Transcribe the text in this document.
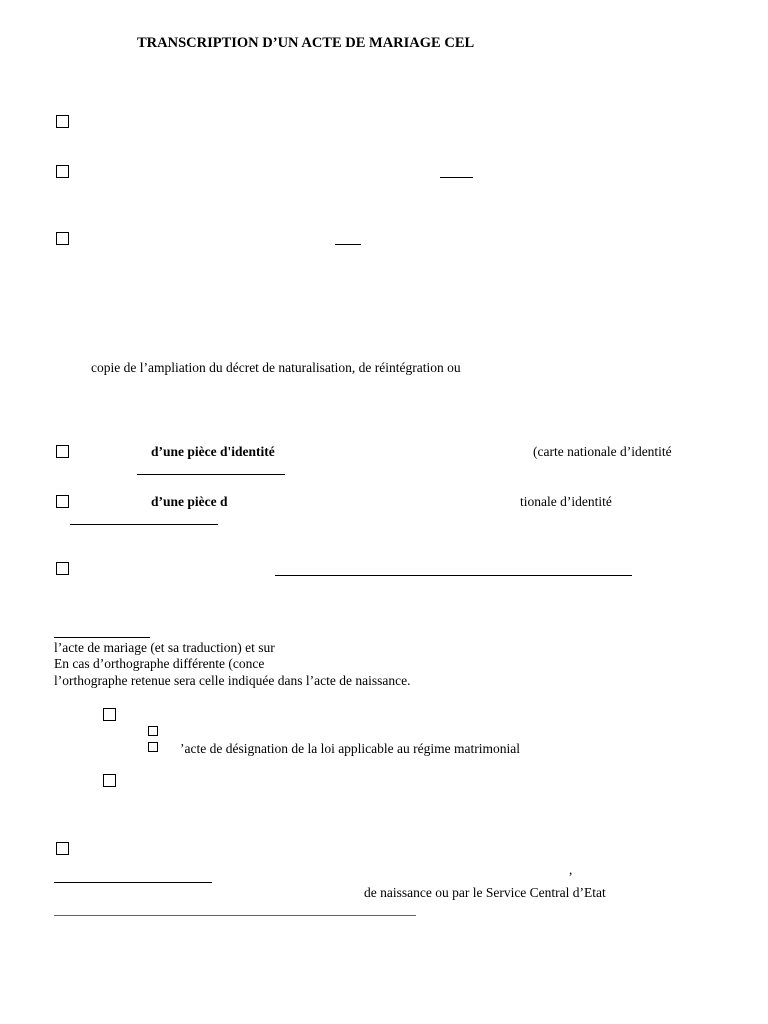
TRANSCRIPTION D’UN ACTE DE MARIAGE CEL
copie de l’ampliation du décret de naturalisation, de réintégration ou
d’une pièce d'identité	(carte nationale d’identité
d’une pièce d	tionale d’identité
l’acte de mariage (et sa traduction) et sur
En cas d’orthographe différente (conce
l’orthographe retenue sera celle indiquée dans l’acte de naissance.
’acte de désignation de la loi applicable au régime matrimonial
,
de naissance ou par le Service Central d’Etat
